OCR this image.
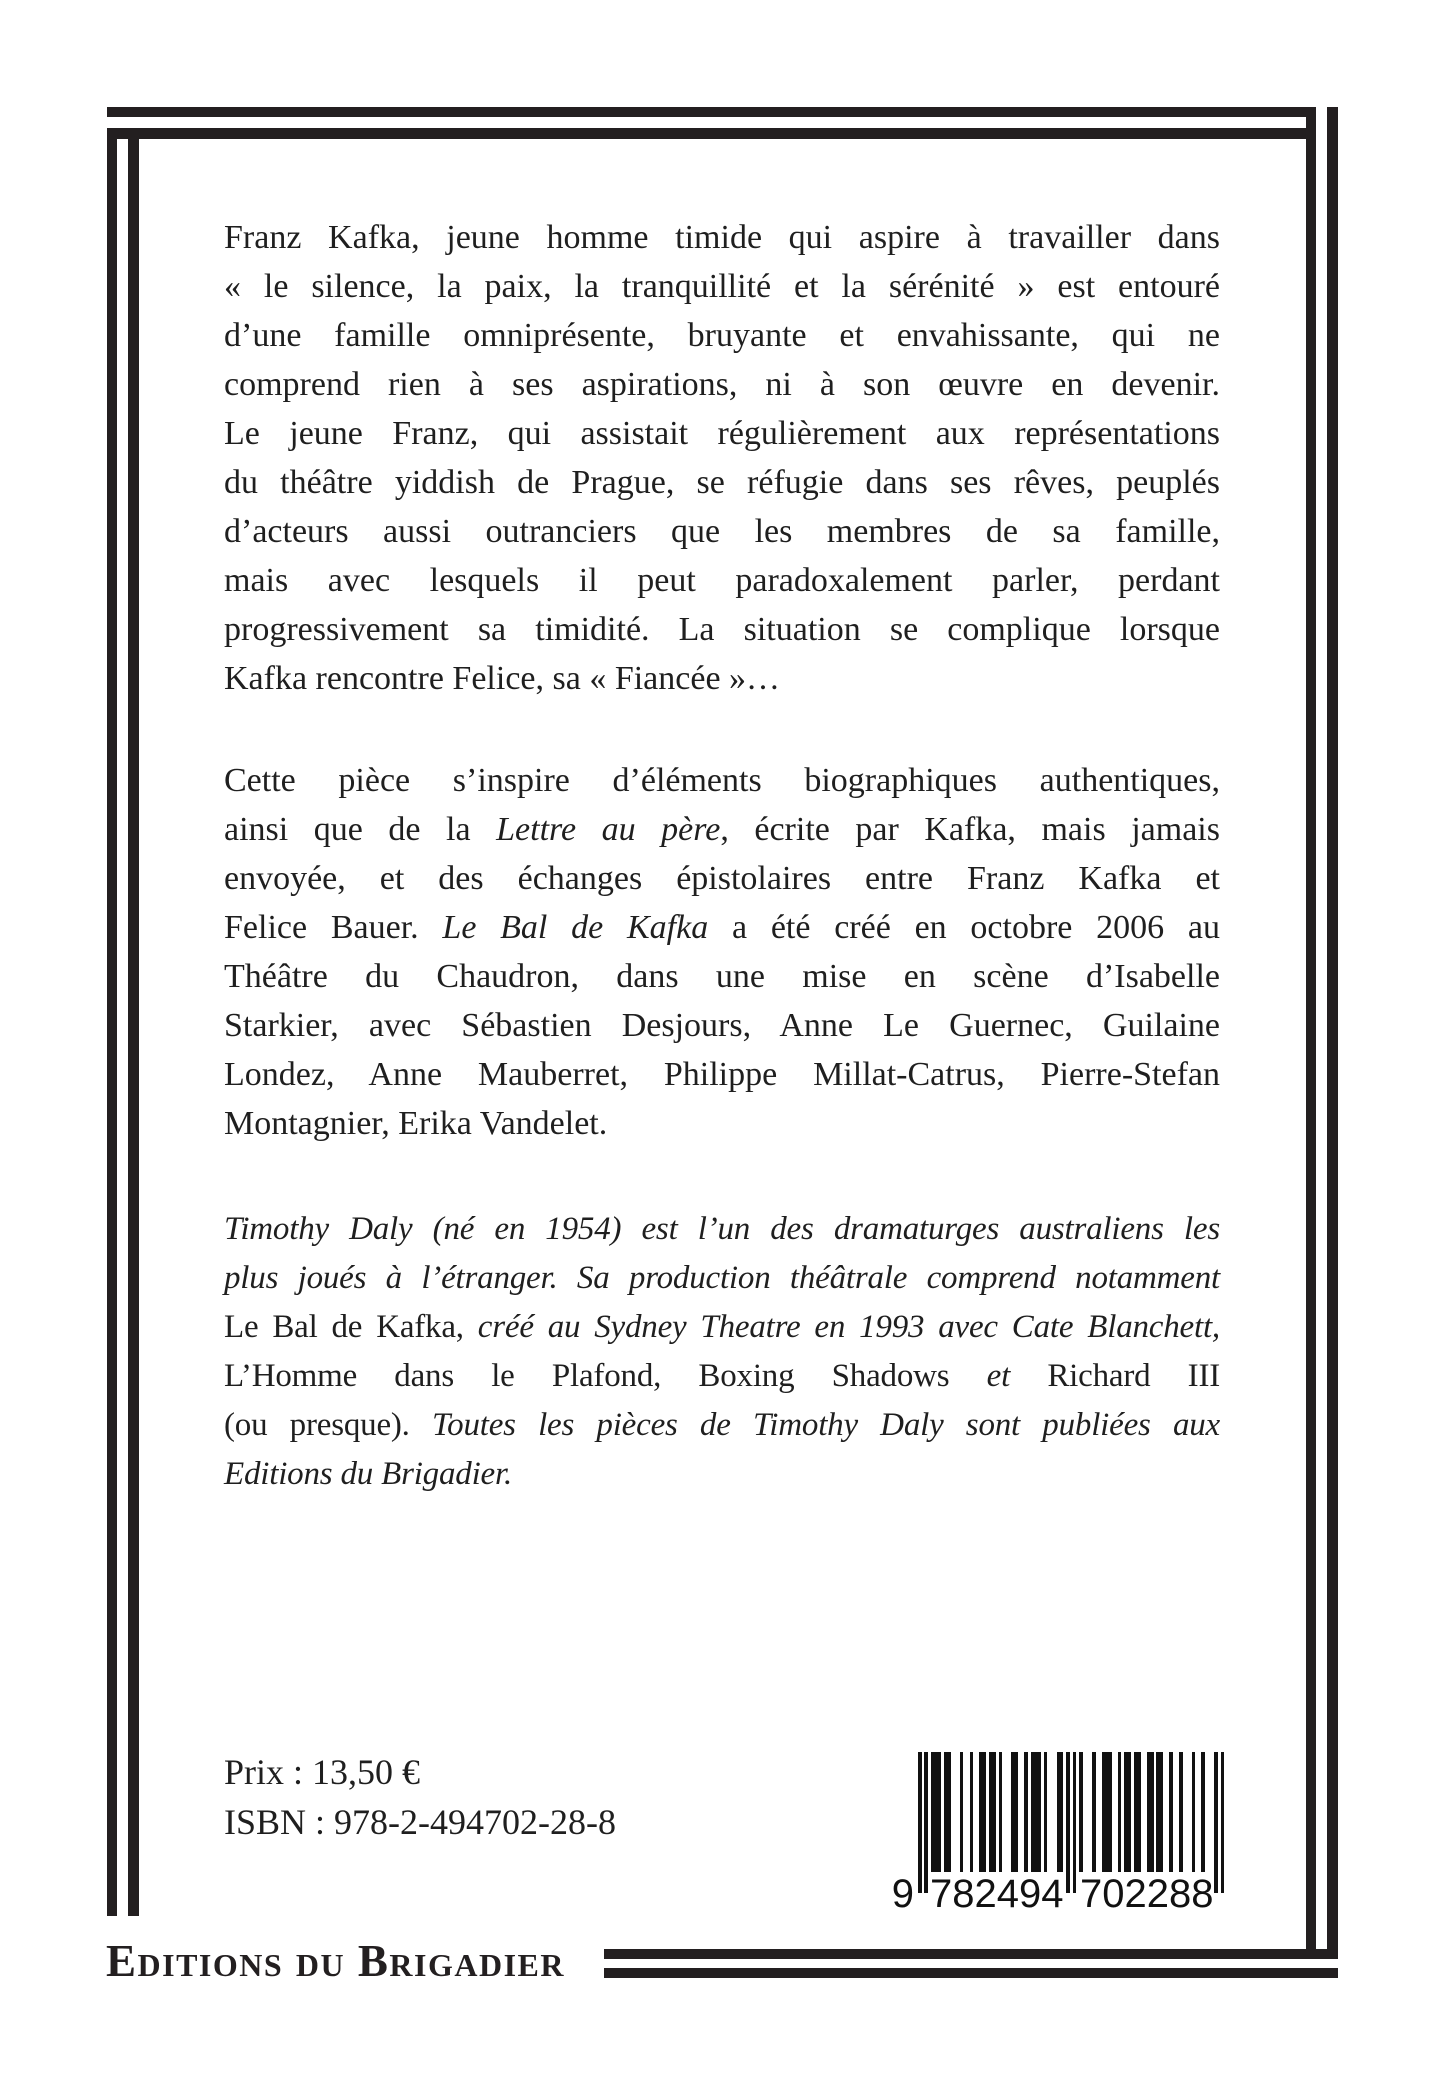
Franz Kafka, jeune homme timide qui aspire à travailler dans
« le silence, la paix, la tranquillité et la sérénité » est entouré
d’une famille omniprésente, bruyante et envahissante, qui ne
comprend rien à ses aspirations, ni à son œuvre en devenir.
Le jeune Franz, qui assistait régulièrement aux représentations
du théâtre yiddish de Prague, se réfugie dans ses rêves, peuplés
d’acteurs aussi outranciers que les membres de sa famille,
mais avec lesquels il peut paradoxalement parler, perdant
progressivement sa timidité. La situation se complique lorsque
Kafka rencontre Felice, sa « Fiancée »…
Cette pièce s’inspire d’éléments biographiques authentiques,
ainsi que de la Lettre au père, écrite par Kafka, mais jamais
envoyée, et des échanges épistolaires entre Franz Kafka et
Felice Bauer. Le Bal de Kafka a été créé en octobre 2006 au
Théâtre du Chaudron, dans une mise en scène d’Isabelle
Starkier, avec Sébastien Desjours, Anne Le Guernec, Guilaine
Londez, Anne Mauberret, Philippe Millat-Catrus, Pierre-Stefan
Montagnier, Erika Vandelet.
Timothy Daly (né en 1954) est l’un des dramaturges australiens les
plus joués à l’étranger. Sa production théâtrale comprend notamment
Le Bal de Kafka, créé au Sydney Theatre en 1993 avec Cate Blanchett,
L’Homme dans le Plafond, Boxing Shadows et Richard III
(ou presque). Toutes les pièces de Timothy Daly sont publiées aux
Editions du Brigadier.
Prix : 13,50 €
ISBN : 978-2-494702-28-8
9 782494 702288
Editions du Brigadier
